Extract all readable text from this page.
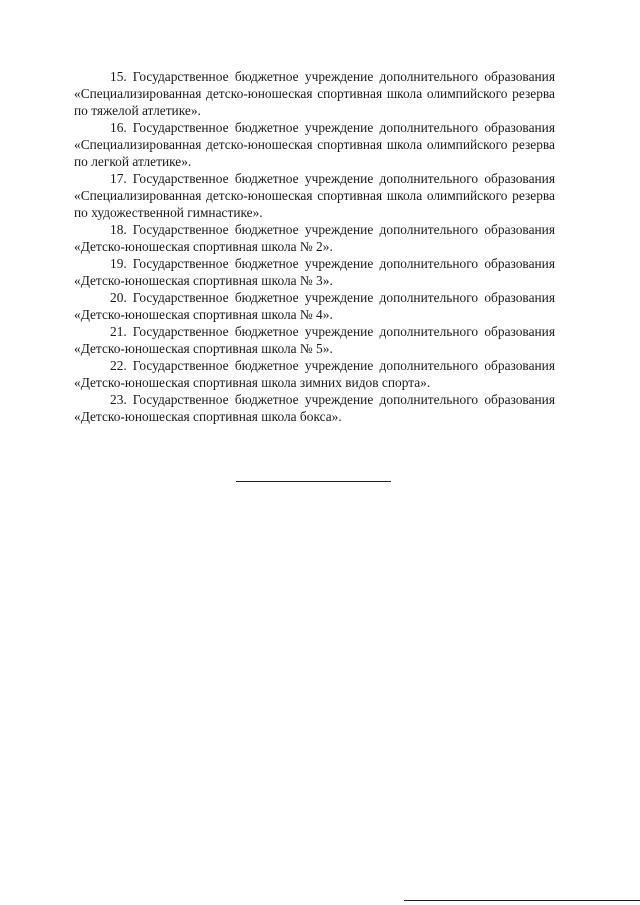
15. Государственное бюджетное учреждение дополнительного образования «Специализированная детско-юношеская спортивная школа олимпийского резерва по тяжелой атлетике».

16. Государственное бюджетное учреждение дополнительного образования «Специализированная детско-юношеская спортивная школа олимпийского резерва по легкой атлетике».

17. Государственное бюджетное учреждение дополнительного образования «Специализированная детско-юношеская спортивная школа олимпийского резерва по художественной гимнастике».

18. Государственное бюджетное учреждение дополнительного образования «Детско-юношеская спортивная школа № 2».

19. Государственное бюджетное учреждение дополнительного образования «Детско-юношеская спортивная школа № 3».

20. Государственное бюджетное учреждение дополнительного образования «Детско-юношеская спортивная школа № 4».

21. Государственное бюджетное учреждение дополнительного образования «Детско-юношеская спортивная школа № 5».

22. Государственное бюджетное учреждение дополнительного образования «Детско-юношеская спортивная школа зимних видов спорта».

23. Государственное бюджетное учреждение дополнительного образования «Детско-юношеская спортивная школа бокса».
